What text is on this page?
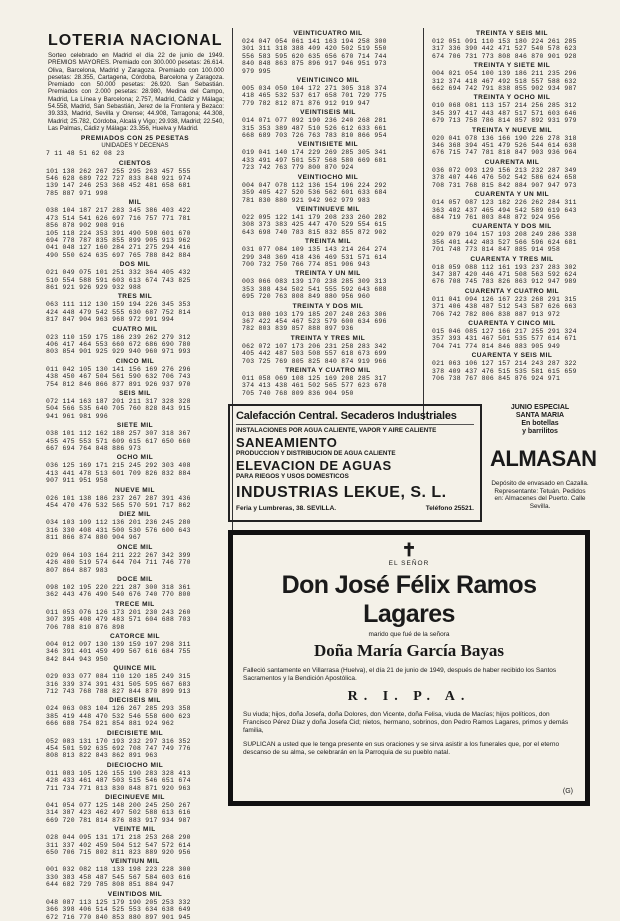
LOTERIA NACIONAL
Sorteo celebrado en Madrid el día 22 de junio de 1949. PREMIOS MAYORES. Premiado con 300.000 pesetas: 26.614. Oliva, Barcelona, Madrid y Zaragoza. Premiado con 100.000 pesetas: 28.355, Cartagena, Córdoba, Barcelona y Zaragoza. Premiado con 50.000 pesetas: 26.920. San Sebastián. Premiados con 2.000 pesetas: 28.980, Medina del Campo, Madrid, La Línea y Barcelona; 2.757, Madrid, Cádiz y Málaga; 54.558, Madrid, San Sebastián, Jerez de la Frontera y Bezaco: 39.333, Madrid, Sevilla y Orense; 44.908, Tarragona; 44.308, Madrid; 25.782, Córdoba, Alcalá y Vigo; 29.938, Madrid; 22.540, Las Palmas, Cádiz y Málaga: 23.356, Huelva y Madrid.
PREMIADOS CON 25 PESETAS
UNIDADES Y DECENAS
7 11 48 51 62 08 23
CIENTOS
101 138 262 267 255 295 263 457 555
546 628 689 722 727 833 848 921 974
139 147 246 253 368 452 481 658 681
785 887 971 998
MIL
038 104 187 217 283 345 386 403 422
473 514 541 626 697 716 757 771 781
856 878 902 908 916
105 118 224 353 391 490 598 601 670
694 778 787 835 855 899 905 913 962
041 048 127 160 284 271 275 294 416
490 550 624 635 697 765 788 842 884
DOS MIL
021 049 075 101 251 332 364 405 432
510 554 588 591 603 613 674 743 825
861 921 926 929 932 988
TRES MIL
063 111 112 130 159 194 226 345 353
424 448 479 542 555 630 687 752 814
817 847 904 963 968 972 991 994
CUATRO MIL
023 110 159 175 186 239 262 279 312
406 417 464 553 660 672 686 690 780
803 854 901 925 929 940 960 971 993
CINCO MIL
011 042 105 130 141 156 169 276 296
438 450 467 504 561 590 632 706 743
754 812 846 866 877 891 926 937 970
SEIS MIL
072 114 163 187 201 211 317 328 328
504 566 535 640 705 760 828 843 915
941 961 981 996
SIETE MIL
038 101 112 162 188 257 307 318 367
455 475 553 571 609 615 617 650 660
667 694 764 848 886 973
OCHO MIL
036 125 169 171 215 245 292 303 408
413 441 478 513 601 709 826 832 884
907 911 951 958
NUEVE MIL
026 101 138 186 237 267 287 391 436
454 470 476 532 565 570 591 717 862
DIEZ MIL
034 103 109 112 136 201 236 245 280
316 330 408 431 500 530 576 600 643
811 866 874 880 904 967
ONCE MIL
029 064 103 164 211 222 267 342 399
426 480 519 574 644 704 711 746 770
807 864 887 983
DOCE MIL
098 102 195 220 221 287 300 318 361
362 443 476 490 540 676 740 770 800
TRECE MIL
011 053 076 126 173 201 230 243 260
307 395 408 479 483 571 604 688 703
706 788 810 876 898
CATORCE MIL
004 012 097 130 139 159 197 298 311
346 391 401 459 499 567 616 684 755
842 844 943 950
QUINCE MIL
029 033 077 084 110 120 185 249 315
316 339 374 391 431 505 595 667 683
712 743 768 788 827 844 870 899 913
DIECISEIS MIL
024 063 083 104 126 267 285 293 358
385 419 448 470 532 546 558 600 623
666 688 754 821 854 881 924 962
DIECISIETE MIL
052 083 131 170 193 232 297 316 352
454 501 592 635 692 708 747 749 776
808 813 822 843 862 891 963
DIECIOCHO MIL
011 083 105 126 155 190 283 328 413
428 433 461 487 503 515 546 651 674
711 734 771 813 830 848 871 920 963
DIECINUEVE MIL
041 054 077 125 148 200 245 250 267
314 387 423 462 497 502 588 613 616
669 720 781 814 876 883 917 934 987
VEINTE MIL
028 044 095 131 171 218 253 268 290
311 337 402 459 504 512 547 572 614
650 706 715 802 811 823 889 920 956
VEINTIUN MIL
001 032 082 118 133 198 223 228 300
330 383 458 487 545 567 584 603 616
644 682 729 785 808 851 884 947
VEINTIDOS MIL
048 087 113 125 179 190 205 253 332
366 398 406 514 525 553 634 638 649
672 716 770 840 853 880 897 901 945
VEINTICUATRO MIL
024 047 054 061 141 163 194 258 300
301 311 318 388 409 420 502 519 550
556 583 595 620 635 656 670 714 744
840 848 863 875 896 917 946 951 973
979 995
VEINTICINCO MIL
005 034 050 104 172 271 305 318 374
418 465 532 537 617 658 701 729 775
779 782 812 871 876 912 919 947
VEINTISEIS MIL
014 071 077 092 190 236 240 268 281
315 353 389 487 510 526 612 633 661
668 689 703 726 763 783 810 866 954
VEINTISIETE MIL
019 041 140 174 229 269 285 305 341
433 491 497 501 557 568 580 669 681
723 742 763 779 800 870 924
VEINTIOCHO MIL
004 047 078 112 136 154 196 224 292
359 405 427 520 536 562 601 633 684
781 830 880 921 942 962 979 983
VEINTINUEVE MIL
022 095 122 141 179 208 233 260 282
308 373 383 425 447 470 529 554 615
643 698 740 783 815 832 855 872 902
TREINTA MIL
031 077 084 109 135 143 214 264 274
299 348 369 418 436 469 531 571 614
700 732 750 766 774 851 906 943
TREINTA Y UN MIL
003 066 083 139 170 238 285 309 313
353 388 434 502 541 555 592 643 688
695 720 763 808 849 880 956 960
TREINTA Y DOS MIL
013 080 103 179 185 207 248 263 306
367 422 454 467 523 579 600 634 696
782 803 839 857 888 897 936
TREINTA Y TRES MIL
062 072 107 173 206 231 258 283 342
405 442 487 503 508 557 618 673 699
703 725 769 805 825 840 874 919 966
TREINTA Y CUATRO MIL
011 058 069 108 125 169 208 285 317
374 413 438 461 502 565 577 623 678
705 740 768 809 836 904 950
TREINTA Y SEIS MIL
012 051 091 110 153 180 224 261 285
317 336 390 442 471 527 540 578 623
674 706 731 773 808 846 870 901 928
TREINTA Y SIETE MIL
004 021 054 100 139 186 211 235 296
312 374 418 467 492 518 557 588 632
662 694 742 791 838 855 902 934 987
TREINTA Y OCHO MIL
010 068 081 113 157 214 256 285 312
345 397 417 443 487 517 571 603 646
679 713 758 786 814 857 892 931 979
TREINTA Y NUEVE MIL
020 041 078 136 166 190 226 278 318
346 368 394 451 479 526 544 614 638
676 715 747 781 818 847 903 936 964
CUARENTA MIL
036 072 093 129 156 213 232 287 349
378 407 446 476 502 542 586 624 658
708 731 768 815 842 884 907 947 973
CUARENTA Y UN MIL
014 057 087 123 182 226 262 284 311
363 402 437 465 494 542 589 619 643
684 719 761 803 848 872 924 956
CUARENTA Y DOS MIL
029 079 104 157 193 208 249 286 338
356 401 442 483 527 566 596 624 681
701 748 773 814 847 885 914 958
CUARENTA Y TRES MIL
018 059 088 112 161 193 237 283 302
347 387 420 446 471 508 563 592 624
676 708 745 783 826 863 912 947 989
CUARENTA Y CUATRO MIL
011 041 094 126 167 223 268 291 315
371 406 438 487 512 543 587 626 663
706 742 782 806 838 887 913 972
CUARENTA Y CINCO MIL
015 046 085 127 166 217 255 291 324
357 393 431 467 501 535 577 614 671
704 741 774 814 846 883 905 949
CUARENTA Y SEIS MIL
021 063 106 127 157 214 243 287 322
378 409 437 476 515 535 581 615 659
706 738 767 806 845 876 924 971
Calefacción Central. Secaderos Industriales
INSTALACIONES POR AGUA CALIENTE, VAPOR Y AIRE CALIENTE
SANEAMIENTO
PRODUCCION Y DISTRIBUCION DE AGUA CALIENTE
ELEVACION DE AGUAS
PARA RIEGOS Y USOS DOMESTICOS
INDUSTRIAS LEKUE, S. L.
Feria y Lumbreras, 38. SEVILLA.	Teléfono 25521.
JUNIO ESPECIAL
SANTA MARIA
En botellas
y barrilitos
ALMASAN
Depósito de envasado en Cazalla. Representante: Tetuán. Pedidos en: Almacenes del Puerto. Calle Sevilla.
✝
EL SEÑOR
Don José Félix Ramos Lagares
marido que fué de la señora
Doña María García Bayas
Falleció santamente en Villarrasa (Huelva), el día 21 de junio de 1949, después de haber recibido los Santos Sacramentos y la Bendición Apostólica.
R. I. P. A.
Su viuda; hijos, doña Josefa, doña Dolores, don Vicente, doña Felisa, viuda de Macías; hijos políticos, don Francisco Pérez Díaz y doña Josefa Cid; nietos, hermano, sobrinos, don Pedro Ramos Lagares, primos y demás familia,
SUPLICAN a usted que le tenga presente en sus oraciones y se sirva asistir a los funerales que, por el eterno descanso de su alma, se celebrarán en la Parroquia de su pueblo natal.
(G)
